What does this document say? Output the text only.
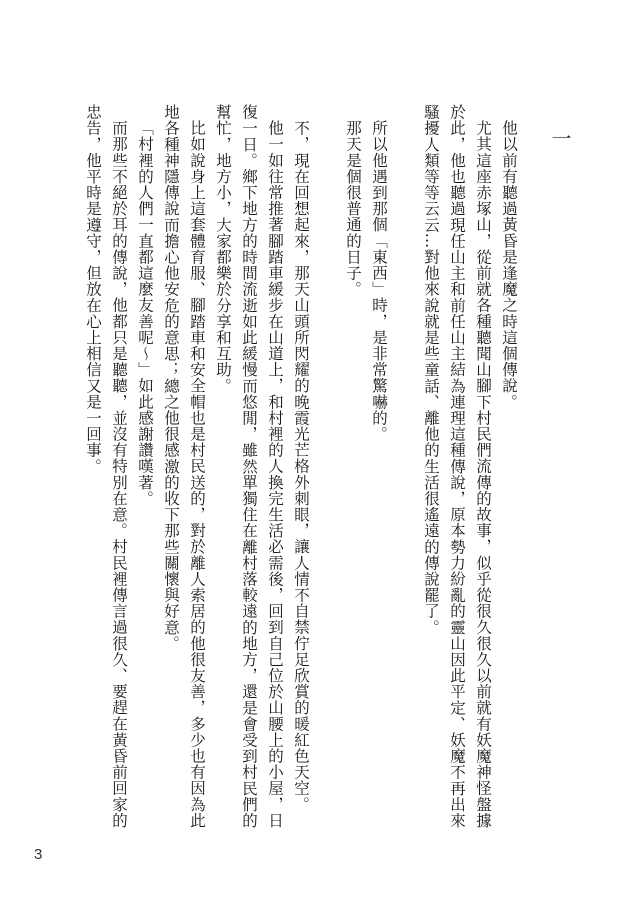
一

他以前有聽過黃昏是逢魔之時這個傳說。

尤其這座赤塚山，從前就各種聽聞山腳下村民們流傳的故事，似乎從很久很久以前就有妖魔神怪盤據於此，他也聽過現任山主和前任山主結為連理這種傳說，原本勢力紛亂的靈山因此平定、妖魔不再出來騷擾人類等等云云…對他來說就是些童話、離他的生活很遙遠的傳說罷了。

所以他遇到那個「東西」時，是非常驚嚇的。

那天是個很普通的日子。

不，現在回想起來，那天山頭所閃耀的晚霞光芒格外刺眼，讓人情不自禁佇足欣賞的暖紅色天空。

他一如往常推著腳踏車緩步在山道上，和村裡的人換完生活必需後，回到自己位於山腰上的小屋，日復一日。鄉下地方的時間流逝如此緩慢而悠閒，雖然單獨住在離村落較遠的地方，還是會受到村民們的幫忙，地方小，大家都樂於分享和互助。

比如說身上這套體育服、腳踏車和安全帽也是村民送的，對於離人索居的他很友善，多少也有因為此地各種神隱傳說而擔心他安危的意思；總之他很感激的收下那些關懷與好意。

「村裡的人們一直都這麼友善呢～」如此感謝讚嘆著。

而那些不絕於耳的傳說，他都只是聽聽，並沒有特別在意。村民裡傳言過很久、要趕在黃昏前回家的忠告，他平時是遵守，但放在心上相信又是一回事。

3
